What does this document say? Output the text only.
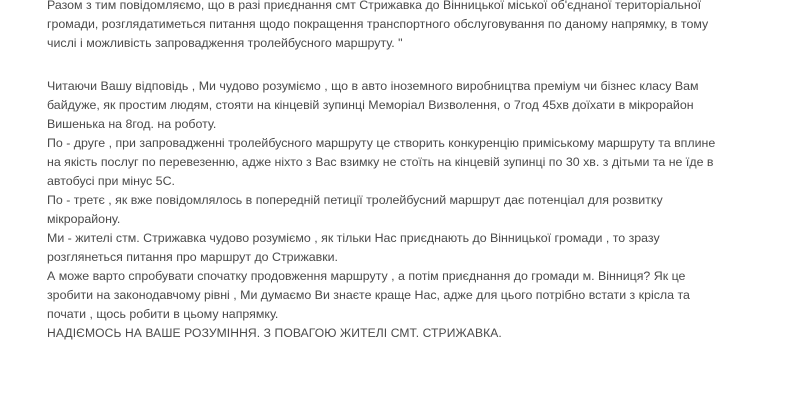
Разом з тим повідомляємо, що в разі приєднання смт Стрижавка до Вінницької міської об'єднаної територіальної

громади, розглядатиметься питання щодо покращення транспортного обслуговування по даному напрямку, в тому

числі і можливість запровадження тролейбусного маршруту. "

Читаючи Вашу відповідь , Ми чудово розуміємо , що в авто іноземного виробництва преміум чи бізнес класу Вам

байдуже, як простим людям, стояти на кінцевій зупинці Меморіал Визволення, о 7год 45хв доїхати в мікрорайон

Вишенька на 8год. на роботу.

По - друге , при запровадженні тролейбусного маршруту це створить конкуренцію приміському маршруту та вплине

на якість послуг по перевезенню, адже ніхто з Вас взимку не стоїть на кінцевій зупинці по 30 хв. з дітьми та не їде в

автобусі при мінус 5С.

По - третє , як вже повідомлялось в попередній петиції тролейбусний маршрут дає потенціал для розвитку

мікрорайону.

Ми - жителі стм. Стрижавка чудово розуміємо , як тільки Нас приєднають до Вінницької громади , то зразу

розглянеться питання про маршрут до Стрижавки.

А може варто спробувати спочатку продовження маршруту , а потім приєднання до громади м. Вінниця? Як це

зробити на законодавчому рівні , Ми думаємо Ви знаєте краще Нас, адже для цього потрібно встати з крісла та

почати , щось робити в цьому напрямку.

НАДІЄМОСЬ НА ВАШЕ РОЗУМІННЯ. З ПОВАГОЮ ЖИТЕЛІ СМТ. СТРИЖАВКА.
